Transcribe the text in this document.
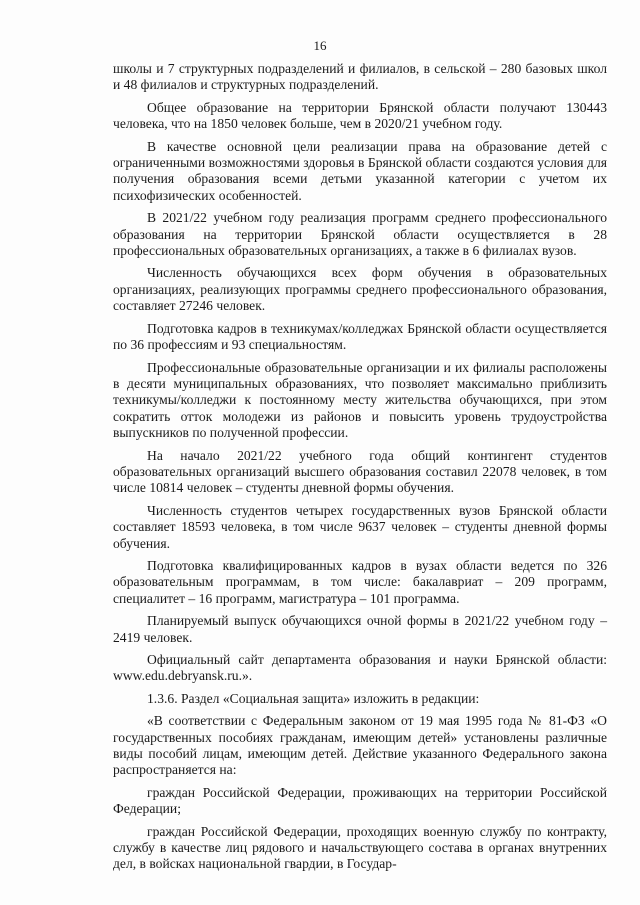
16

школы и 7 структурных подразделений и филиалов, в сельской – 280 базовых школ и 48 филиалов и структурных подразделений.

Общее образование на территории Брянской области получают 130443 человека, что на 1850 человек больше, чем в 2020/21 учебном году.

В качестве основной цели реализации права на образование детей с ограниченными возможностями здоровья в Брянской области создаются условия для получения образования всеми детьми указанной категории с учетом их психофизических особенностей.

В 2021/22 учебном году реализация программ среднего профессионального образования на территории Брянской области осуществляется в 28 профессиональных образовательных организациях, а также в 6 филиалах вузов.

Численность обучающихся всех форм обучения в образовательных организациях, реализующих программы среднего профессионального образования, составляет 27246 человек.

Подготовка кадров в техникумах/колледжах Брянской области осуществляется по 36 профессиям и 93 специальностям.

Профессиональные образовательные организации и их филиалы расположены в десяти муниципальных образованиях, что позволяет максимально приблизить техникумы/колледжи к постоянному месту жительства обучающихся, при этом сократить отток молодежи из районов и повысить уровень трудоустройства выпускников по полученной профессии.

На начало 2021/22 учебного года общий контингент студентов образовательных организаций высшего образования составил 22078 человек, в том числе 10814 человек – студенты дневной формы обучения.

Численность студентов четырех государственных вузов Брянской области составляет 18593 человека, в том числе 9637 человек – студенты дневной формы обучения.

Подготовка квалифицированных кадров в вузах области ведется по 326 образовательным программам, в том числе: бакалавриат – 209 программ, специалитет – 16 программ, магистратура – 101 программа.

Планируемый выпуск обучающихся очной формы в 2021/22 учебном году – 2419 человек.

Официальный сайт департамента образования и науки Брянской области: www.edu.debryansk.ru.».

1.3.6. Раздел «Социальная защита» изложить в редакции:

«В соответствии с Федеральным законом от 19 мая 1995 года № 81-ФЗ «О государственных пособиях гражданам, имеющим детей» установлены различные виды пособий лицам, имеющим детей. Действие указанного Федерального закона распространяется на:

граждан Российской Федерации, проживающих на территории Российской Федерации;

граждан Российской Федерации, проходящих военную службу по контракту, службу в качестве лиц рядового и начальствующего состава в органах внутренних дел, в войсках национальной гвардии, в Государ-
